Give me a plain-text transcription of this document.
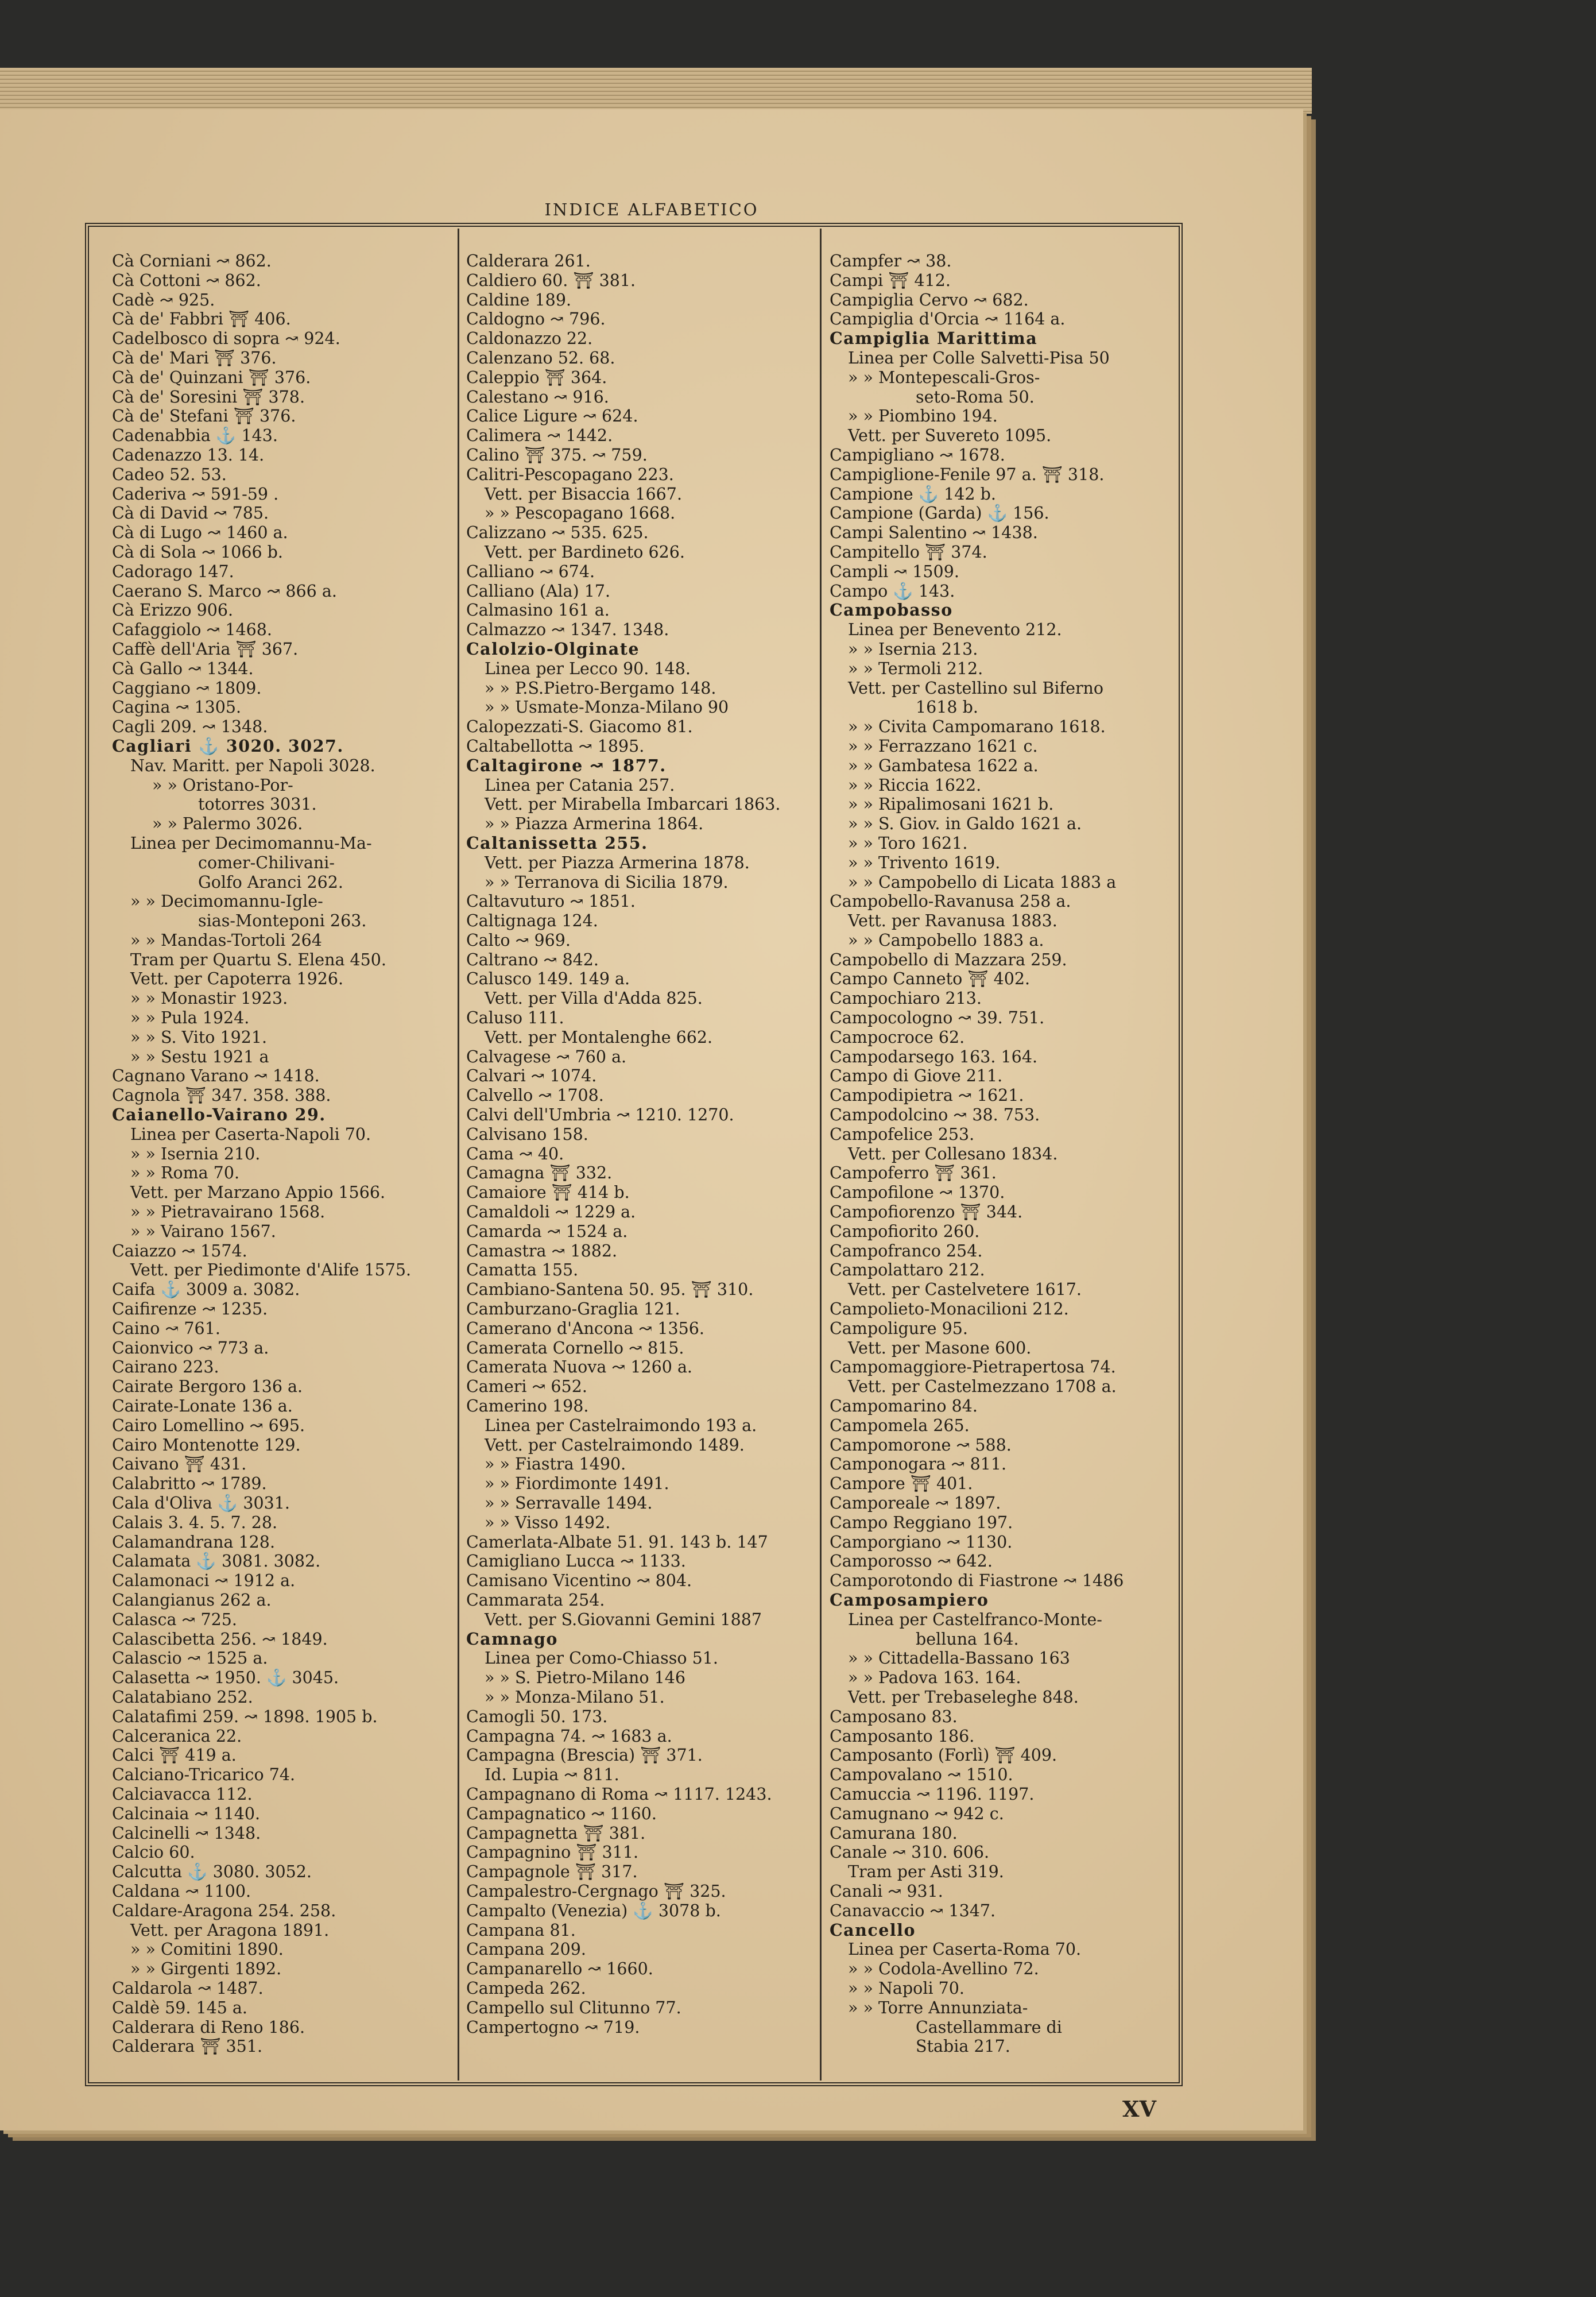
INDICE ALFABETICO
Cà Corniani ↝ 862.
Cà Cottoni ↝ 862.
Cadè ↝ 925.
Cà de' Fabbri ⛩ 406.
Cadelbosco di sopra ↝ 924.
Cà de' Mari ⛩ 376.
Cà de' Quinzani ⛩ 376.
Cà de' Soresini ⛩ 378.
Cà de' Stefani ⛩ 376.
Cadenabbia ⚓ 143.
Cadenazzo 13. 14.
Cadeo 52. 53.
Caderiva ↝ 591-59 .
Cà di David ↝ 785.
Cà di Lugo ↝ 1460 a.
Cà di Sola ↝ 1066 b.
Cadorago 147.
Caerano S. Marco ↝ 866 a.
Cà Erizzo 906.
Cafaggiolo ↝ 1468.
Caffè dell'Aria ⛩ 367.
Cà Gallo ↝ 1344.
Caggiano ↝ 1809.
Cagina ↝ 1305.
Cagli 209. ↝ 1348.
Cagliari ⚓ 3020. 3027.
Nav. Maritt. per Napoli 3028.
» » Oristano-Por-
totorres 3031.
» » Palermo 3026.
Linea per Decimomannu-Ma-
comer-Chilivani-
Golfo Aranci 262.
» » Decimomannu-Igle-
sias-Monteponi 263.
» » Mandas-Tortoli 264
Tram per Quartu S. Elena 450.
Vett. per Capoterra 1926.
» » Monastir 1923.
» » Pula 1924.
» » S. Vito 1921.
» » Sestu 1921 a
Cagnano Varano ↝ 1418.
Cagnola ⛩ 347. 358. 388.
Caianello-Vairano 29.
Linea per Caserta-Napoli 70.
» » Isernia 210.
» » Roma 70.
Vett. per Marzano Appio 1566.
» » Pietravairano 1568.
» » Vairano 1567.
Caiazzo ↝ 1574.
Vett. per Piedimonte d'Alife 1575.
Caifa ⚓ 3009 a. 3082.
Caifirenze ↝ 1235.
Caino ↝ 761.
Caionvico ↝ 773 a.
Cairano 223.
Cairate Bergoro 136 a.
Cairate-Lonate 136 a.
Cairo Lomellino ↝ 695.
Cairo Montenotte 129.
Caivano ⛩ 431.
Calabritto ↝ 1789.
Cala d'Oliva ⚓ 3031.
Calais 3. 4. 5. 7. 28.
Calamandrana 128.
Calamata ⚓ 3081. 3082.
Calamonaci ↝ 1912 a.
Calangianus 262 a.
Calasca ↝ 725.
Calascibetta 256. ↝ 1849.
Calascio ↝ 1525 a.
Calasetta ↝ 1950. ⚓ 3045.
Calatabiano 252.
Calatafimi 259. ↝ 1898. 1905 b.
Calceranica 22.
Calci ⛩ 419 a.
Calciano-Tricarico 74.
Calciavacca 112.
Calcinaia ↝ 1140.
Calcinelli ↝ 1348.
Calcio 60.
Calcutta ⚓ 3080. 3052.
Caldana ↝ 1100.
Caldare-Aragona 254. 258.
Vett. per Aragona 1891.
» » Comitini 1890.
» » Girgenti 1892.
Caldarola ↝ 1487.
Caldè 59. 145 a.
Calderara di Reno 186.
Calderara ⛩ 351.
Calderara 261.
Caldiero 60. ⛩ 381.
Caldine 189.
Caldogno ↝ 796.
Caldonazzo 22.
Calenzano 52. 68.
Caleppio ⛩ 364.
Calestano ↝ 916.
Calice Ligure ↝ 624.
Calimera ↝ 1442.
Calino ⛩ 375. ↝ 759.
Calitri-Pescopagano 223.
Vett. per Bisaccia 1667.
» » Pescopagano 1668.
Calizzano ↝ 535. 625.
Vett. per Bardineto 626.
Calliano ↝ 674.
Calliano (Ala) 17.
Calmasino 161 a.
Calmazzo ↝ 1347. 1348.
Calolzio-Olginate
Linea per Lecco 90. 148.
» » P.S.Pietro-Bergamo 148.
» » Usmate-Monza-Milano 90
Calopezzati-S. Giacomo 81.
Caltabellotta ↝ 1895.
Caltagirone ↝ 1877.
Linea per Catania 257.
Vett. per Mirabella Imbarcari 1863.
» » Piazza Armerina 1864.
Caltanissetta 255.
Vett. per Piazza Armerina 1878.
» » Terranova di Sicilia 1879.
Caltavuturo ↝ 1851.
Caltignaga 124.
Calto ↝ 969.
Caltrano ↝ 842.
Calusco 149. 149 a.
Vett. per Villa d'Adda 825.
Caluso 111.
Vett. per Montalenghe 662.
Calvagese ↝ 760 a.
Calvari ↝ 1074.
Calvello ↝ 1708.
Calvi dell'Umbria ↝ 1210. 1270.
Calvisano 158.
Cama ↝ 40.
Camagna ⛩ 332.
Camaiore ⛩ 414 b.
Camaldoli ↝ 1229 a.
Camarda ↝ 1524 a.
Camastra ↝ 1882.
Camatta 155.
Cambiano-Santena 50. 95. ⛩ 310.
Camburzano-Graglia 121.
Camerano d'Ancona ↝ 1356.
Camerata Cornello ↝ 815.
Camerata Nuova ↝ 1260 a.
Cameri ↝ 652.
Camerino 198.
Linea per Castelraimondo 193 a.
Vett. per Castelraimondo 1489.
» » Fiastra 1490.
» » Fiordimonte 1491.
» » Serravalle 1494.
» » Visso 1492.
Camerlata-Albate 51. 91. 143 b. 147
Camigliano Lucca ↝ 1133.
Camisano Vicentino ↝ 804.
Cammarata 254.
Vett. per S.Giovanni Gemini 1887
Camnago
Linea per Como-Chiasso 51.
» » S. Pietro-Milano 146
» » Monza-Milano 51.
Camogli 50. 173.
Campagna 74. ↝ 1683 a.
Campagna (Brescia) ⛩ 371.
Id. Lupia ↝ 811.
Campagnano di Roma ↝ 1117. 1243.
Campagnatico ↝ 1160.
Campagnetta ⛩ 381.
Campagnino ⛩ 311.
Campagnole ⛩ 317.
Campalestro-Cergnago ⛩ 325.
Campalto (Venezia) ⚓ 3078 b.
Campana 81.
Campana 209.
Campanarello ↝ 1660.
Campeda 262.
Campello sul Clitunno 77.
Campertogno ↝ 719.
Campfer ↝ 38.
Campi ⛩ 412.
Campiglia Cervo ↝ 682.
Campiglia d'Orcia ↝ 1164 a.
Campiglia Marittima
Linea per Colle Salvetti-Pisa 50
» » Montepescali-Gros-
seto-Roma 50.
» » Piombino 194.
Vett. per Suvereto 1095.
Campigliano ↝ 1678.
Campiglione-Fenile 97 a. ⛩ 318.
Campione ⚓ 142 b.
Campione (Garda) ⚓ 156.
Campi Salentino ↝ 1438.
Campitello ⛩ 374.
Campli ↝ 1509.
Campo ⚓ 143.
Campobasso
Linea per Benevento 212.
» » Isernia 213.
» » Termoli 212.
Vett. per Castellino sul Biferno
1618 b.
» » Civita Campomarano 1618.
» » Ferrazzano 1621 c.
» » Gambatesa 1622 a.
» » Riccia 1622.
» » Ripalimosani 1621 b.
» » S. Giov. in Galdo 1621 a.
» » Toro 1621.
» » Trivento 1619.
» » Campobello di Licata 1883 a
Campobello-Ravanusa 258 a.
Vett. per Ravanusa 1883.
» » Campobello 1883 a.
Campobello di Mazzara 259.
Campo Canneto ⛩ 402.
Campochiaro 213.
Campocologno ↝ 39. 751.
Campocroce 62.
Campodarsego 163. 164.
Campo di Giove 211.
Campodipietra ↝ 1621.
Campodolcino ↝ 38. 753.
Campofelice 253.
Vett. per Collesano 1834.
Campoferro ⛩ 361.
Campofilone ↝ 1370.
Campofiorenzo ⛩ 344.
Campofiorito 260.
Campofranco 254.
Campolattaro 212.
Vett. per Castelvetere 1617.
Campolieto-Monacilioni 212.
Campoligure 95.
Vett. per Masone 600.
Campomaggiore-Pietrapertosa 74.
Vett. per Castelmezzano 1708 a.
Campomarino 84.
Campomela 265.
Campomorone ↝ 588.
Camponogara ↝ 811.
Campore ⛩ 401.
Camporeale ↝ 1897.
Campo Reggiano 197.
Camporgiano ↝ 1130.
Camporosso ↝ 642.
Camporotondo di Fiastrone ↝ 1486
Camposampiero
Linea per Castelfranco-Monte-
belluna 164.
» » Cittadella-Bassano 163
» » Padova 163. 164.
Vett. per Trebaseleghe 848.
Camposano 83.
Camposanto 186.
Camposanto (Forlì) ⛩ 409.
Campovalano ↝ 1510.
Camuccia ↝ 1196. 1197.
Camugnano ↝ 942 c.
Camurana 180.
Canale ↝ 310. 606.
Tram per Asti 319.
Canali ↝ 931.
Canavaccio ↝ 1347.
Cancello
Linea per Caserta-Roma 70.
» » Codola-Avellino 72.
» » Napoli 70.
» » Torre Annunziata-
Castellammare di
Stabia 217.
XV
